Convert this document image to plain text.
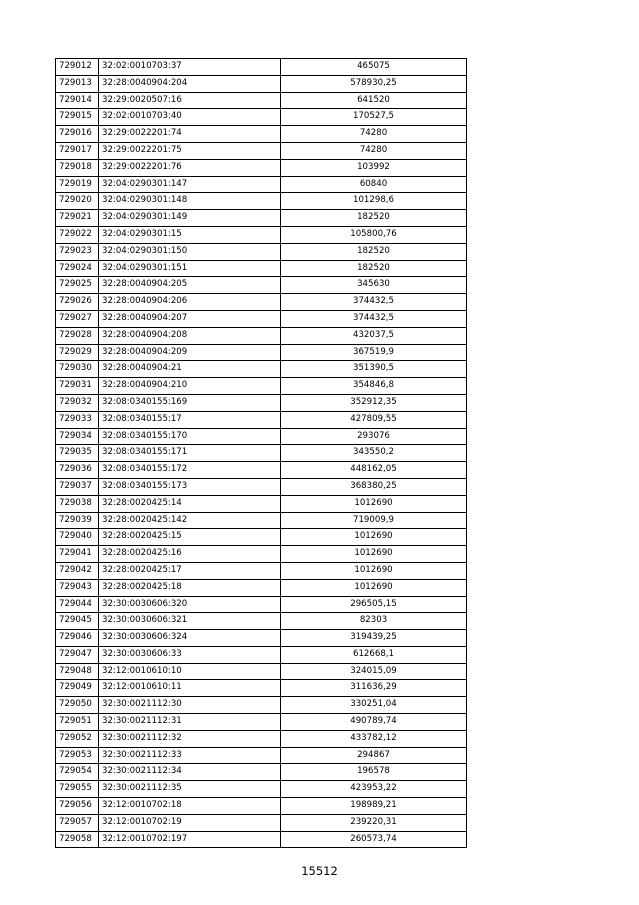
729012	32:02:0010703:37	465075
729013	32:28:0040904:204	578930,25
729014	32:29:0020507:16	641520
729015	32:02:0010703:40	170527,5
729016	32:29:0022201:74	74280
729017	32:29:0022201:75	74280
729018	32:29:0022201:76	103992
729019	32:04:0290301:147	60840
729020	32:04:0290301:148	101298,6
729021	32:04:0290301:149	182520
729022	32:04:0290301:15	105800,76
729023	32:04:0290301:150	182520
729024	32:04:0290301:151	182520
729025	32:28:0040904:205	345630
729026	32:28:0040904:206	374432,5
729027	32:28:0040904:207	374432,5
729028	32:28:0040904:208	432037,5
729029	32:28:0040904:209	367519,9
729030	32:28:0040904:21	351390,5
729031	32:28:0040904:210	354846,8
729032	32:08:0340155:169	352912,35
729033	32:08:0340155:17	427809,55
729034	32:08:0340155:170	293076
729035	32:08:0340155:171	343550,2
729036	32:08:0340155:172	448162,05
729037	32:08:0340155:173	368380,25
729038	32:28:0020425:14	1012690
729039	32:28:0020425:142	719009,9
729040	32:28:0020425:15	1012690
729041	32:28:0020425:16	1012690
729042	32:28:0020425:17	1012690
729043	32:28:0020425:18	1012690
729044	32:30:0030606:320	296505,15
729045	32:30:0030606:321	82303
729046	32:30:0030606:324	319439,25
729047	32:30:0030606:33	612668,1
729048	32:12:0010610:10	324015,09
729049	32:12:0010610:11	311636,29
729050	32:30:0021112:30	330251,04
729051	32:30:0021112:31	490789,74
729052	32:30:0021112:32	433782,12
729053	32:30:0021112:33	294867
729054	32:30:0021112:34	196578
729055	32:30:0021112:35	423953,22
729056	32:12:0010702:18	198989,21
729057	32:12:0010702:19	239220,31
729058	32:12:0010702:197	260573,74
15512
